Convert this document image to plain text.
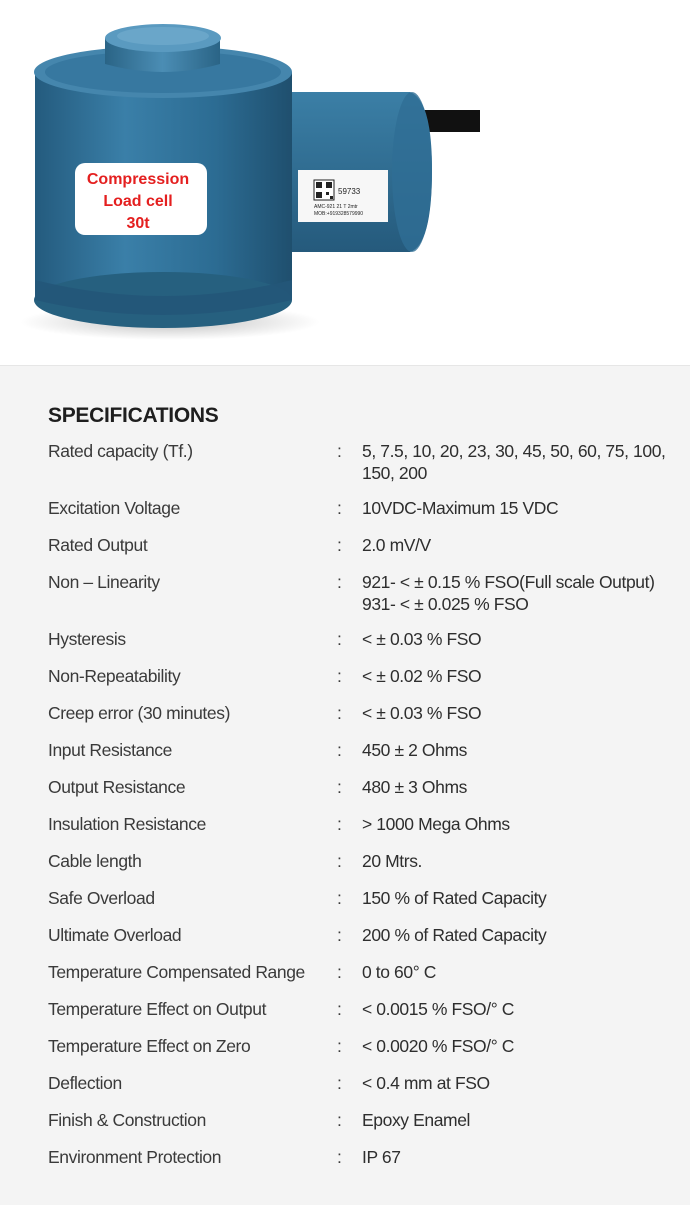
Compression
Load cell
30t
59733
AMC-921 21 T 2mtr
MOB:+919328579990
SPECIFICATIONS
Rated capacity (Tf.)	: 5, 7.5, 10, 20, 23, 30, 45, 50, 60, 75, 100,
150, 200
Excitation Voltage	: 10VDC-Maximum 15 VDC
Rated Output	: 2.0 mV/V
Non – Linearity	: 921- < ± 0.15 % FSO(Full scale Output)
931- < ± 0.025 % FSO
Hysteresis	: < ± 0.03 % FSO
Non-Repeatability	: < ± 0.02 % FSO
Creep error (30 minutes)	: < ± 0.03 % FSO
Input Resistance	: 450 ± 2 Ohms
Output Resistance	: 480 ± 3 Ohms
Insulation Resistance	: > 1000 Mega Ohms
Cable length	: 20 Mtrs.
Safe Overload	: 150 % of Rated Capacity
Ultimate Overload	: 200 % of Rated Capacity
Temperature Compensated Range : 0 to 60° C
Temperature Effect on Output	: < 0.0015 % FSO/° C
Temperature Effect on Zero	: < 0.0020 % FSO/° C
Deflection	: < 0.4 mm at FSO
Finish & Construction	: Epoxy Enamel
Environment Protection	: IP 67
